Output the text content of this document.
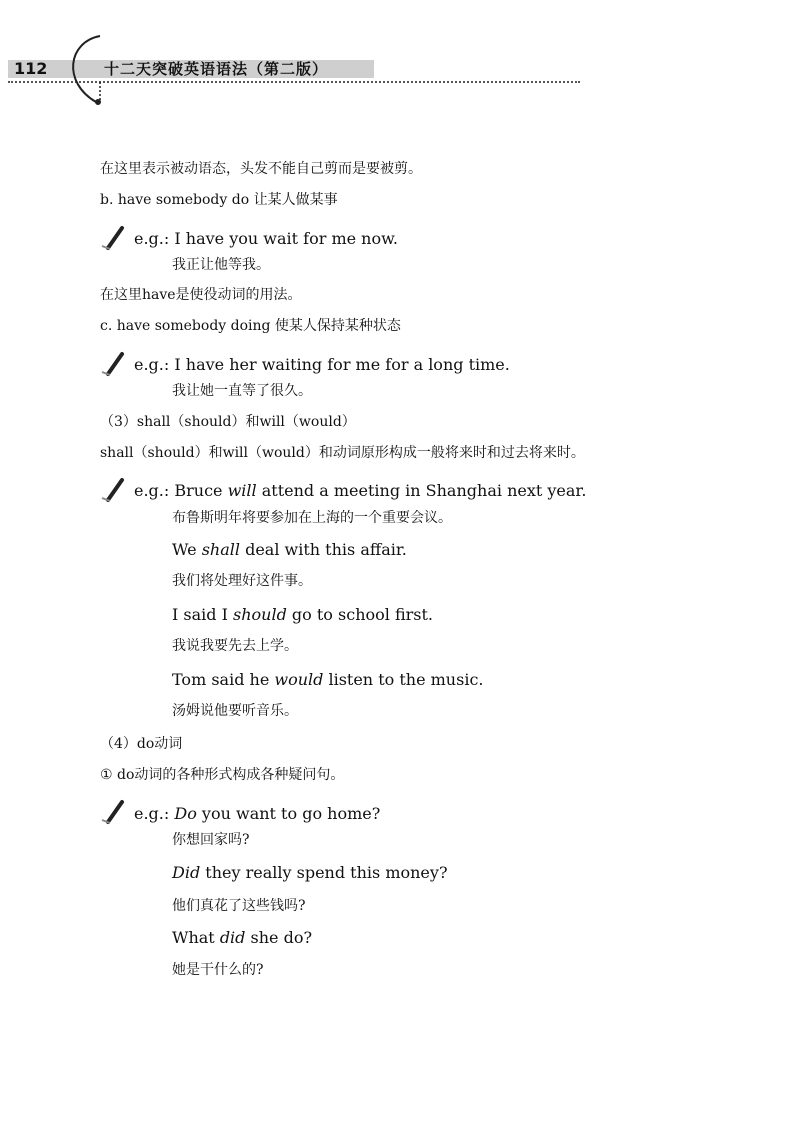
112	十二天突破英语语法（第二版）
在这里表示被动语态，头发不能自己剪而是要被剪。
b. have somebody do 让某人做某事
e.g.: I have you wait for me now.
我正让他等我。
在这里have是使役动词的用法。
c. have somebody doing 使某人保持某种状态
e.g.: I have her waiting for me for a long time.
我让她一直等了很久。
（3）shall（should）和will（would）
shall（should）和will（would）和动词原形构成一般将来时和过去将来时。
e.g.: Bruce will attend a meeting in Shanghai next year.
布鲁斯明年将要参加在上海的一个重要会议。
We shall deal with this affair.
我们将处理好这件事。
I said I should go to school first.
我说我要先去上学。
Tom said he would listen to the music.
汤姆说他要听音乐。
（4）do动词
① do动词的各种形式构成各种疑问句。
e.g.: Do you want to go home?
你想回家吗?
Did they really spend this money?
他们真花了这些钱吗?
What did she do?
她是干什么的?
